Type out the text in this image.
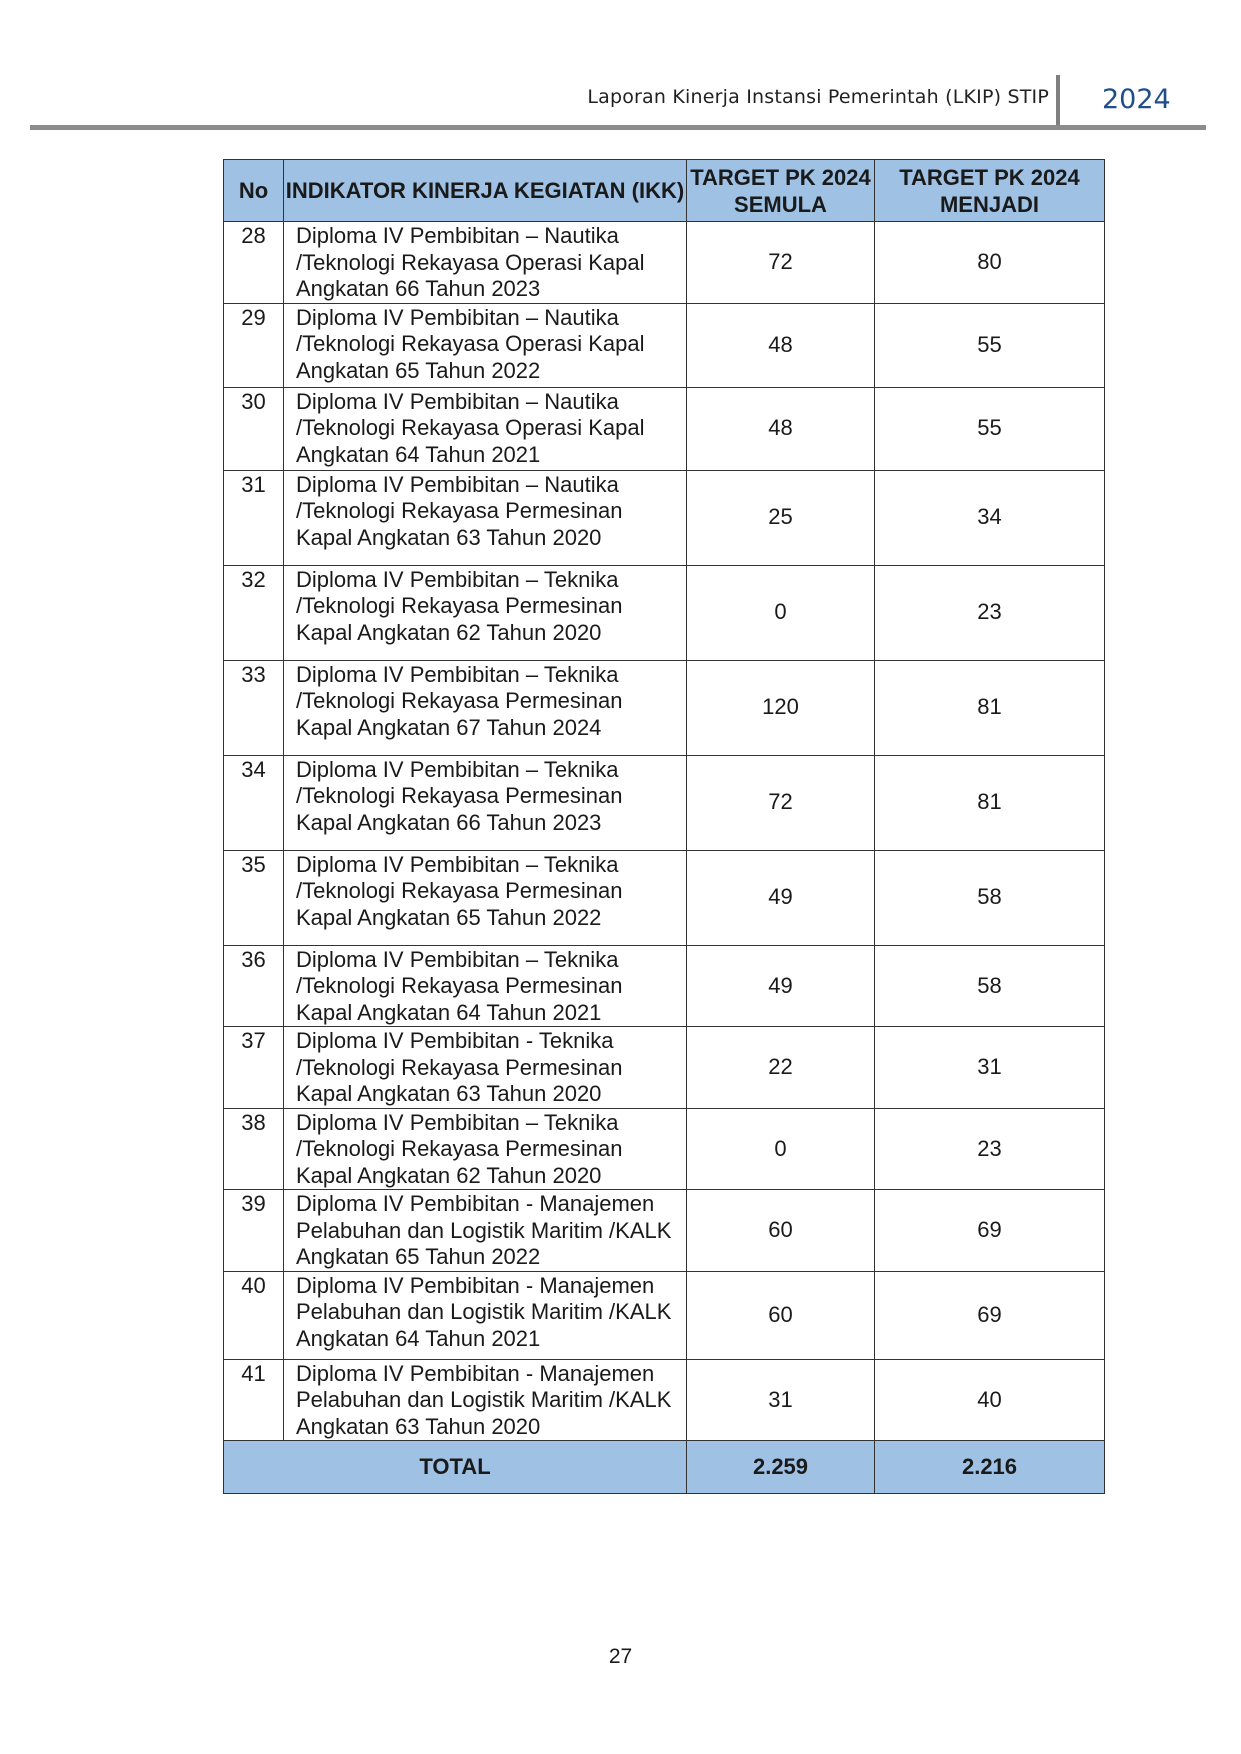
Laporan Kinerja Instansi Pemerintah (LKIP) STIP 2024
No	INDIKATOR KINERJA KEGIATAN (IKK)	TARGET PK 2024 SEMULA	TARGET PK 2024 MENJADI
28	Diploma IV Pembibitan – Nautika /Teknologi Rekayasa Operasi Kapal Angkatan 66 Tahun 2023	72	80
29	Diploma IV Pembibitan – Nautika /Teknologi Rekayasa Operasi Kapal Angkatan 65 Tahun 2022	48	55
30	Diploma IV Pembibitan – Nautika /Teknologi Rekayasa Operasi Kapal Angkatan 64 Tahun 2021	48	55
31	Diploma IV Pembibitan – Nautika /Teknologi Rekayasa Permesinan Kapal Angkatan 63 Tahun 2020	25	34
32	Diploma IV Pembibitan – Teknika /Teknologi Rekayasa Permesinan Kapal Angkatan 62 Tahun 2020	0	23
33	Diploma IV Pembibitan – Teknika /Teknologi Rekayasa Permesinan Kapal Angkatan 67 Tahun 2024	120	81
34	Diploma IV Pembibitan – Teknika /Teknologi Rekayasa Permesinan Kapal Angkatan 66 Tahun 2023	72	81
35	Diploma IV Pembibitan – Teknika /Teknologi Rekayasa Permesinan Kapal Angkatan 65 Tahun 2022	49	58
36	Diploma IV Pembibitan – Teknika /Teknologi Rekayasa Permesinan Kapal Angkatan 64 Tahun 2021	49	58
37	Diploma IV Pembibitan - Teknika /Teknologi Rekayasa Permesinan Kapal Angkatan 63 Tahun 2020	22	31
38	Diploma IV Pembibitan – Teknika /Teknologi Rekayasa Permesinan Kapal Angkatan 62 Tahun 2020	0	23
39	Diploma IV Pembibitan - Manajemen Pelabuhan dan Logistik Maritim /KALK Angkatan 65 Tahun 2022	60	69
40	Diploma IV Pembibitan - Manajemen Pelabuhan dan Logistik Maritim /KALK Angkatan 64 Tahun 2021	60	69
41	Diploma IV Pembibitan - Manajemen Pelabuhan dan Logistik Maritim /KALK Angkatan 63 Tahun 2020	31	40
TOTAL		2.259	2.216
27
